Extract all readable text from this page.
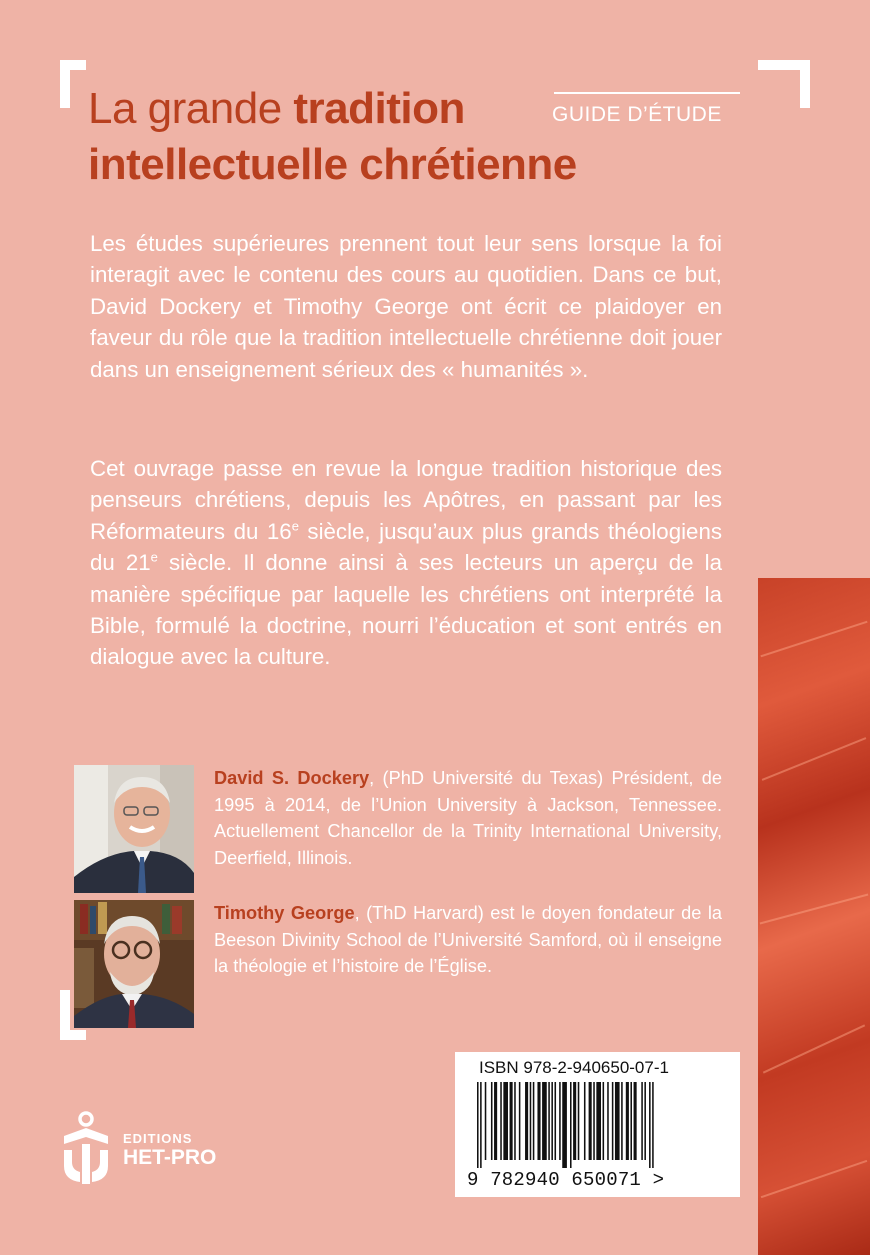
La grande tradition
intellectuelle chrétienne
GUIDE D’ÉTUDE

Les études supérieures prennent tout leur sens lorsque la foi interagit avec le contenu des cours au quotidien. Dans ce but, David Dockery et Timothy George ont écrit ce plaidoyer en faveur du rôle que la tradition intellectuelle chrétienne doit jouer dans un enseignement sérieux des « humanités ».

Cet ouvrage passe en revue la longue tradition historique des penseurs chrétiens, depuis les Apôtres, en passant par les Réformateurs du 16e siècle, jusqu’aux plus grands théologiens du 21e siècle. Il donne ainsi à ses lecteurs un aperçu de la manière spécifique par laquelle les chrétiens ont interprété la Bible, formulé la doctrine, nourri l’éducation et sont entrés en dialogue avec la culture.

David S. Dockery, (PhD Université du Texas) Président, de 1995 à 2014, de l’Union University à Jackson, Tennessee. Actuellement Chancellor de la Trinity International University, Deerfield, Illinois.

Timothy George, (ThD Harvard) est le doyen fondateur de la Beeson Divinity School de l’Université Samford, où il enseigne la théologie et l’histoire de l’Église.

ISBN 978-2-940650-07-1
9 782940 650071 >
EDITIONS
HET-PRO
